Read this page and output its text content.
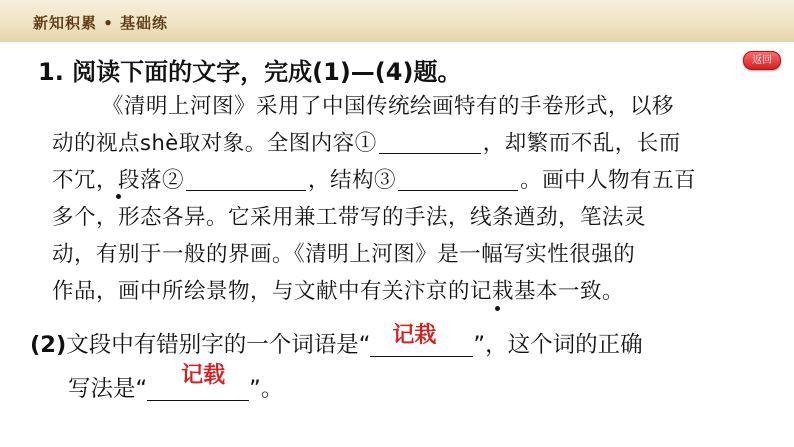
新知积累 • 基础练
返回
1. 阅读下面的文字，完成(1)—(4)题。
《清明上河图》采用了中国传统绘画特有的手卷形式，以移
动的视点shè取对象。全图内容①	，却繁而不乱，长而
不冗，段落②	，结构③	。画中人物有五百
多个，形态各异。它采用兼工带写的手法，线条遒劲，笔法灵
动，有别于一般的界画。《清明上河图》是一幅写实性很强的
作品，画中所绘景物，与文献中有关汴京的记栽基本一致。
(2)文段中有错别字的一个词语是“ 记栽 ”，这个词的正确
写法是“
记载
”。
